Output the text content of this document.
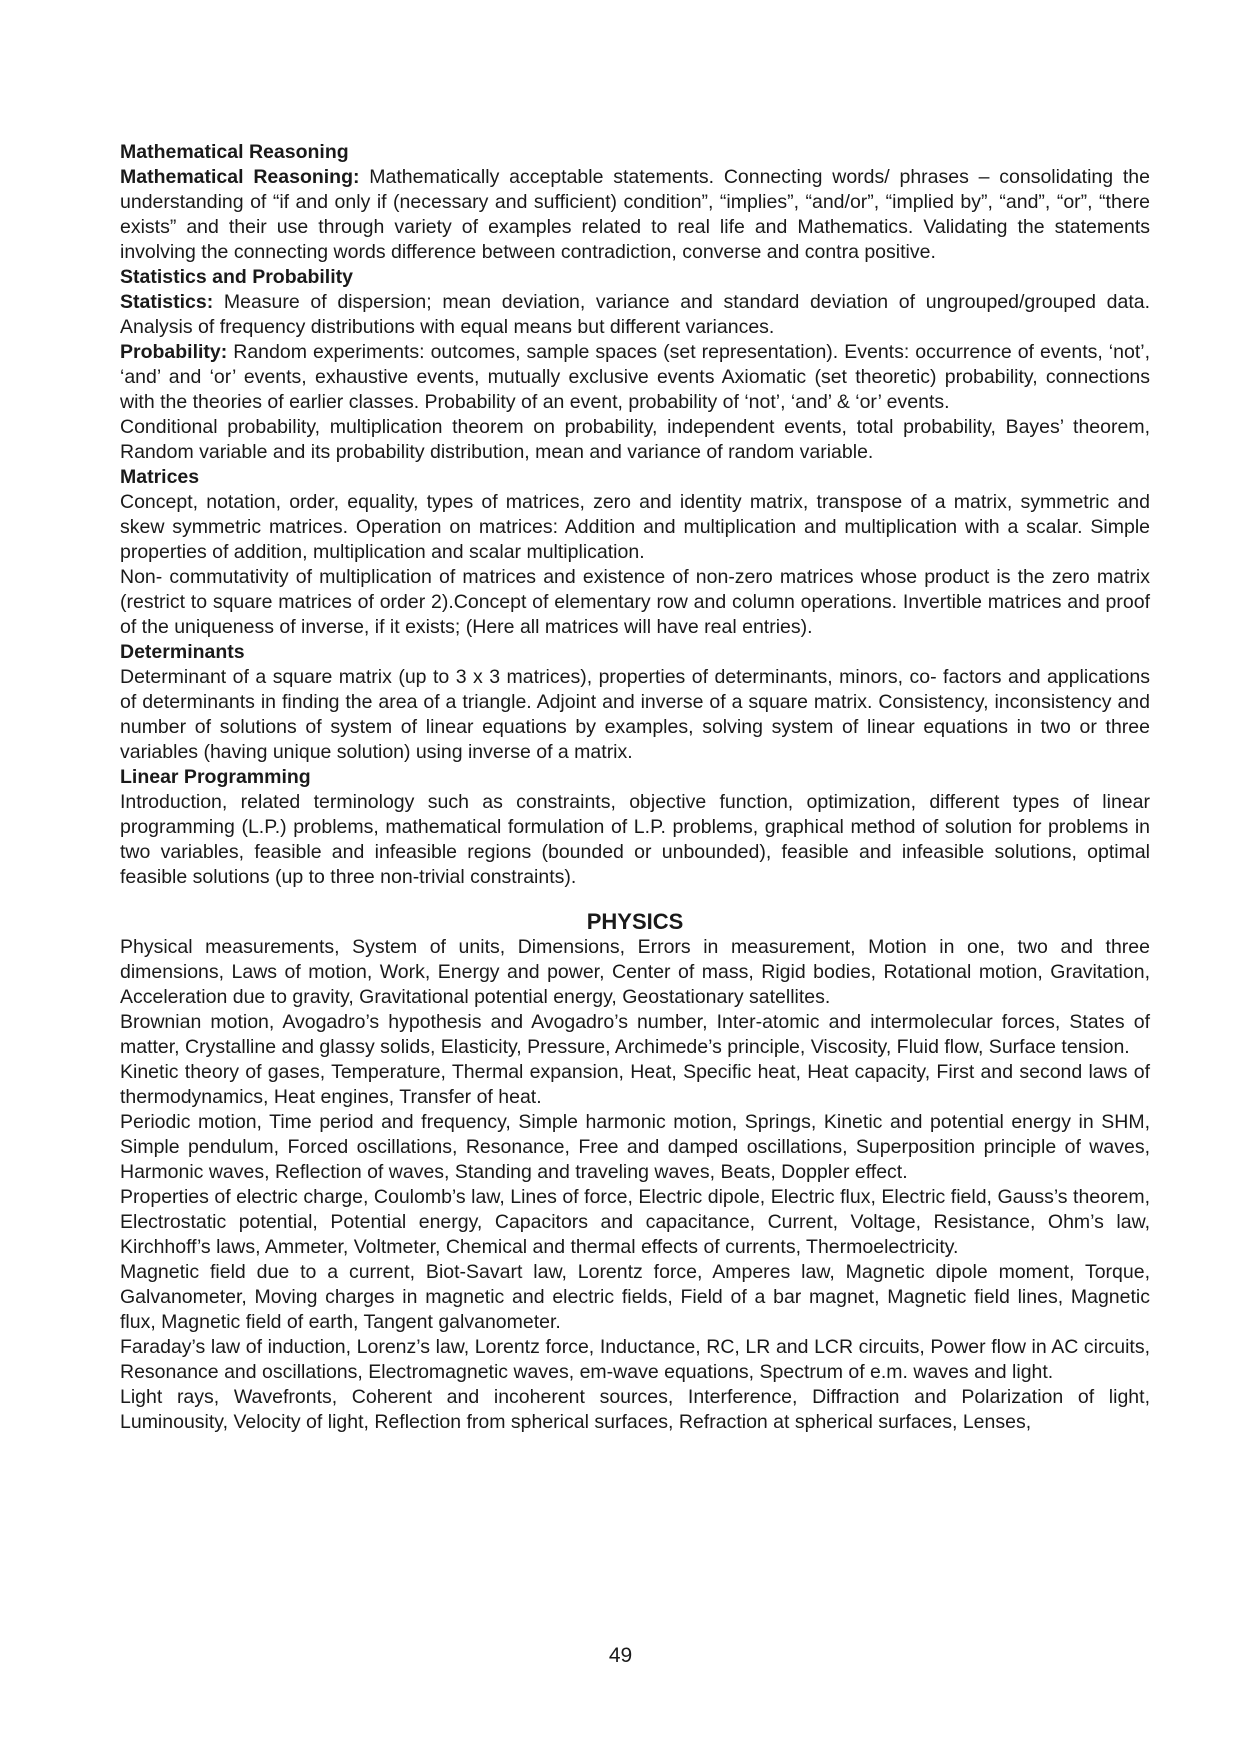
Mathematical Reasoning

Mathematical Reasoning: Mathematically acceptable statements. Connecting words/ phrases – consolidating the understanding of “if and only if (necessary and sufficient) condition”, “implies”, “and/or”, “implied by”, “and”, “or”, “there exists” and their use through variety of examples related to real life and Mathematics. Validating the statements involving the connecting words difference between contradiction, converse and contra positive.

Statistics and Probability

Statistics: Measure of dispersion; mean deviation, variance and standard deviation of ungrouped/grouped data. Analysis of frequency distributions with equal means but different variances.

Probability: Random experiments: outcomes, sample spaces (set representation). Events: occurrence of events, ‘not’, ‘and’ and ‘or’ events, exhaustive events, mutually exclusive events Axiomatic (set theoretic) probability, connections with the theories of earlier classes. Probability of an event, probability of ‘not’, ‘and’ & ‘or’ events.

Conditional probability, multiplication theorem on probability, independent events, total probability, Bayes’ theorem, Random variable and its probability distribution, mean and variance of random variable.

Matrices

Concept, notation, order, equality, types of matrices, zero and identity matrix, transpose of a matrix, symmetric and skew symmetric matrices. Operation on matrices: Addition and multiplication and multiplication with a scalar. Simple properties of addition, multiplication and scalar multiplication.

Non- commutativity of multiplication of matrices and existence of non-zero matrices whose product is the zero matrix (restrict to square matrices of order 2).Concept of elementary row and column operations. Invertible matrices and proof of the uniqueness of inverse, if it exists; (Here all matrices will have real entries).

Determinants

Determinant of a square matrix (up to 3 x 3 matrices), properties of determinants, minors, co- factors and applications of determinants in finding the area of a triangle. Adjoint and inverse of a square matrix. Consistency, inconsistency and number of solutions of system of linear equations by examples, solving system of linear equations in two or three variables (having unique solution) using inverse of a matrix.

Linear Programming

Introduction, related terminology such as constraints, objective function, optimization, different types of linear programming (L.P.) problems, mathematical formulation of L.P. problems, graphical method of solution for problems in two variables, feasible and infeasible regions (bounded or unbounded), feasible and infeasible solutions, optimal feasible solutions (up to three non-trivial constraints).

PHYSICS

Physical measurements, System of units, Dimensions, Errors in measurement, Motion in one, two and three dimensions, Laws of motion, Work, Energy and power, Center of mass, Rigid bodies, Rotational motion, Gravitation, Acceleration due to gravity, Gravitational potential energy, Geostationary satellites.

Brownian motion, Avogadro’s hypothesis and Avogadro’s number, Inter-atomic and intermolecular forces, States of matter, Crystalline and glassy solids, Elasticity, Pressure, Archimede’s principle, Viscosity, Fluid flow, Surface tension.

Kinetic theory of gases, Temperature, Thermal expansion, Heat, Specific heat, Heat capacity, First and second laws of thermodynamics, Heat engines, Transfer of heat.

Periodic motion, Time period and frequency, Simple harmonic motion, Springs, Kinetic and potential energy in SHM, Simple pendulum, Forced oscillations, Resonance, Free and damped oscillations, Superposition principle of waves, Harmonic waves, Reflection of waves, Standing and traveling waves, Beats, Doppler effect.

Properties of electric charge, Coulomb’s law, Lines of force, Electric dipole, Electric flux, Electric field, Gauss’s theorem, Electrostatic potential, Potential energy, Capacitors and capacitance, Current, Voltage, Resistance, Ohm’s law, Kirchhoff’s laws, Ammeter, Voltmeter, Chemical and thermal effects of currents, Thermoelectricity.

Magnetic field due to a current, Biot-Savart law, Lorentz force, Amperes law, Magnetic dipole moment, Torque, Galvanometer, Moving charges in magnetic and electric fields, Field of a bar magnet, Magnetic field lines, Magnetic flux, Magnetic field of earth, Tangent galvanometer.

Faraday’s law of induction, Lorenz’s law, Lorentz force, Inductance, RC, LR and LCR circuits, Power flow in AC circuits, Resonance and oscillations, Electromagnetic waves, em-wave equations, Spectrum of e.m. waves and light.

Light rays, Wavefronts, Coherent and incoherent sources, Interference, Diffraction and Polarization of light, Luminousity, Velocity of light, Reflection from spherical surfaces, Refraction at spherical surfaces, Lenses,

49
